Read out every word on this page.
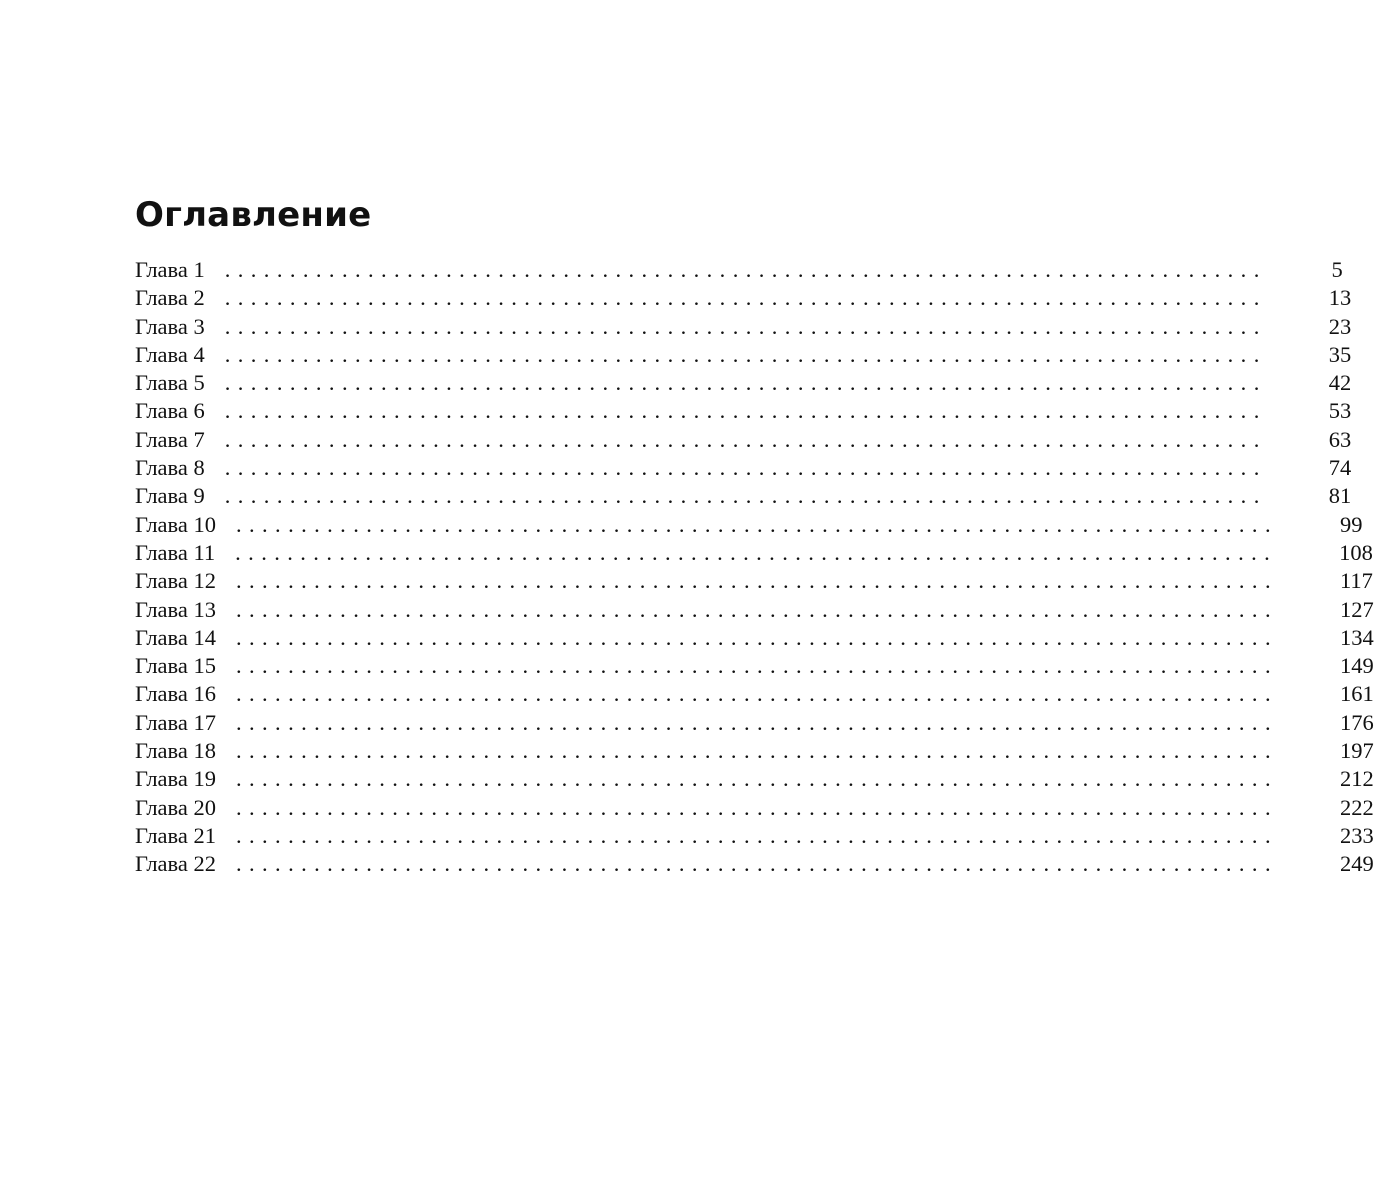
Оглавление
Глава 1 ................................................................................	5
Глава 2 ................................................................................	13
Глава 3 ................................................................................	23
Глава 4 ................................................................................	35
Глава 5 ................................................................................	42
Глава 6 ................................................................................	53
Глава 7 ................................................................................	63
Глава 8 ................................................................................	74
Глава 9 ................................................................................	81
Глава 10 ................................................................................	99
Глава 11 ................................................................................	108
Глава 12 ................................................................................	117
Глава 13 ................................................................................	127
Глава 14 ................................................................................	134
Глава 15 ................................................................................	149
Глава 16 ................................................................................	161
Глава 17 ................................................................................	176
Глава 18 ................................................................................	197
Глава 19 ................................................................................	212
Глава 20 ................................................................................	222
Глава 21 ................................................................................	233
Глава 22 ................................................................................	249
